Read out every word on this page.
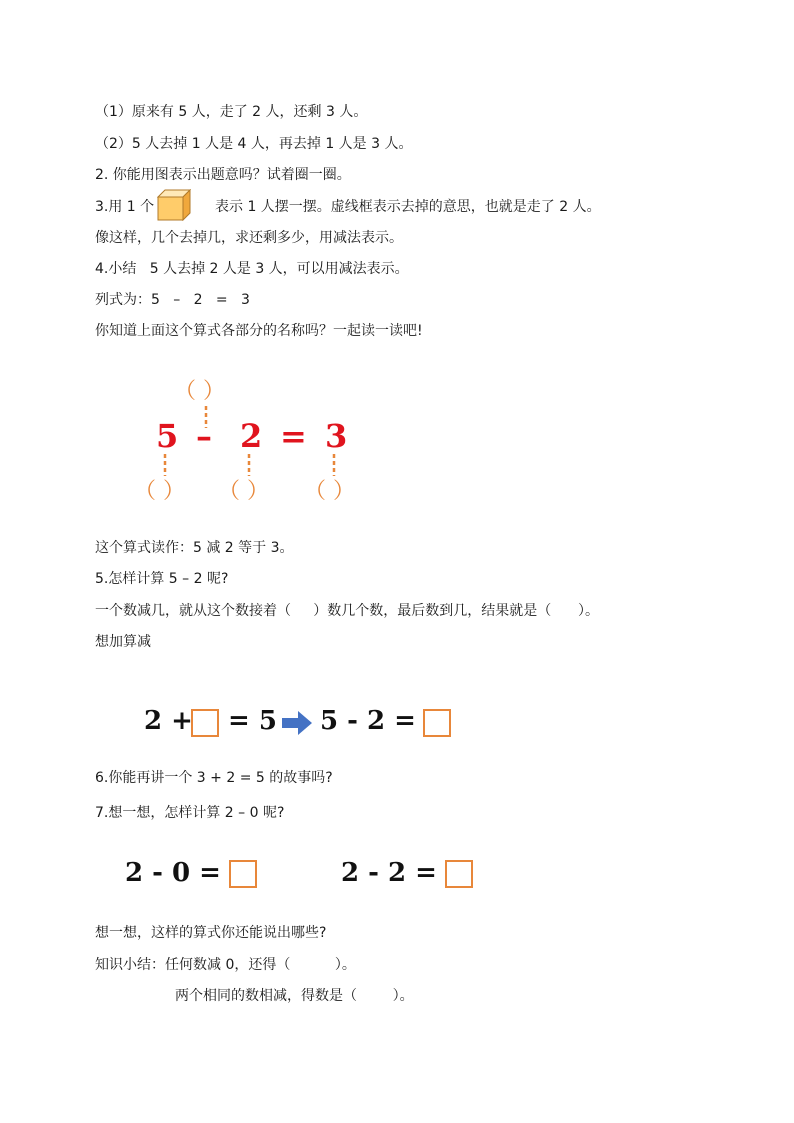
（1）原来有 5 人，走了 2 人，还剩 3 人。
（2）5 人去掉 1 人是 4 人，再去掉 1 人是 3 人。
2. 你能用图表示出题意吗？试着圈一圈。
3.用 1 个	表示 1 人摆一摆。虚线框表示去掉的意思，也就是走了 2 人。
像这样，几个去掉几，求还剩多少，用减法表示。
4.小结   5 人去掉 2 人是 3 人，可以用减法表示。
列式为：5   –   2   =   3
你知道上面这个算式各部分的名称吗？一起读一读吧!
（ ）
5 – 2 = 3
（ ） （ ） （ ）
这个算式读作：5 减 2 等于 3。
5.怎样计算 5 – 2 呢?
一个数减几，就从这个数接着（     ）数几个数，最后数到几，结果就是（      ）。
想加算减
2 + = 5 5 - 2 =
6.你能再讲一个 3 + 2 = 5 的故事吗?
7.想一想，怎样计算 2 – 0 呢?
2 - 0 =	2 - 2 =
想一想，这样的算式你还能说出哪些?
知识小结：任何数减 0，还得（          ）。
两个相同的数相减，得数是（        ）。
